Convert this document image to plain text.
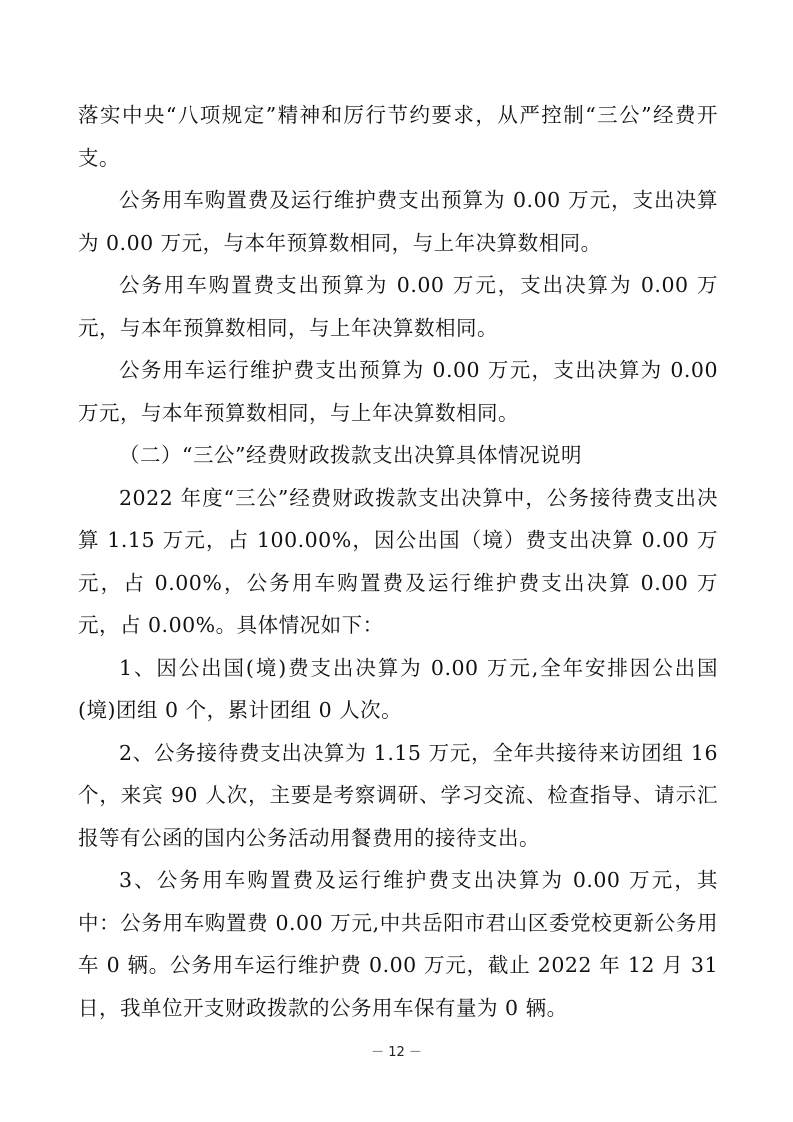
落实中央“八项规定”精神和厉行节约要求，从严控制“三公”经费开支。

公务用车购置费及运行维护费支出预算为 0.00 万元，支出决算为 0.00 万元，与本年预算数相同，与上年决算数相同。

公务用车购置费支出预算为 0.00 万元，支出决算为 0.00 万元，与本年预算数相同，与上年决算数相同。

公务用车运行维护费支出预算为 0.00 万元，支出决算为 0.00 万元，与本年预算数相同，与上年决算数相同。

（二）“三公”经费财政拨款支出决算具体情况说明

2022 年度“三公”经费财政拨款支出决算中，公务接待费支出决算 1.15 万元，占 100.00%，因公出国（境）费支出决算 0.00 万元，占 0.00%，公务用车购置费及运行维护费支出决算 0.00 万元，占 0.00%。具体情况如下：

1、因公出国(境)费支出决算为 0.00 万元,全年安排因公出国(境)团组 0 个，累计团组 0 人次。

2、公务接待费支出决算为 1.15 万元，全年共接待来访团组 16 个，来宾 90 人次，主要是考察调研、学习交流、检查指导、请示汇报等有公函的国内公务活动用餐费用的接待支出。

3、公务用车购置费及运行维护费支出决算为 0.00 万元，其中：公务用车购置费 0.00 万元,中共岳阳市君山区委党校更新公务用车 0 辆。公务用车运行维护费 0.00 万元，截止 2022 年 12 月 31 日，我单位开支财政拨款的公务用车保有量为 0 辆。

－ 12 －
